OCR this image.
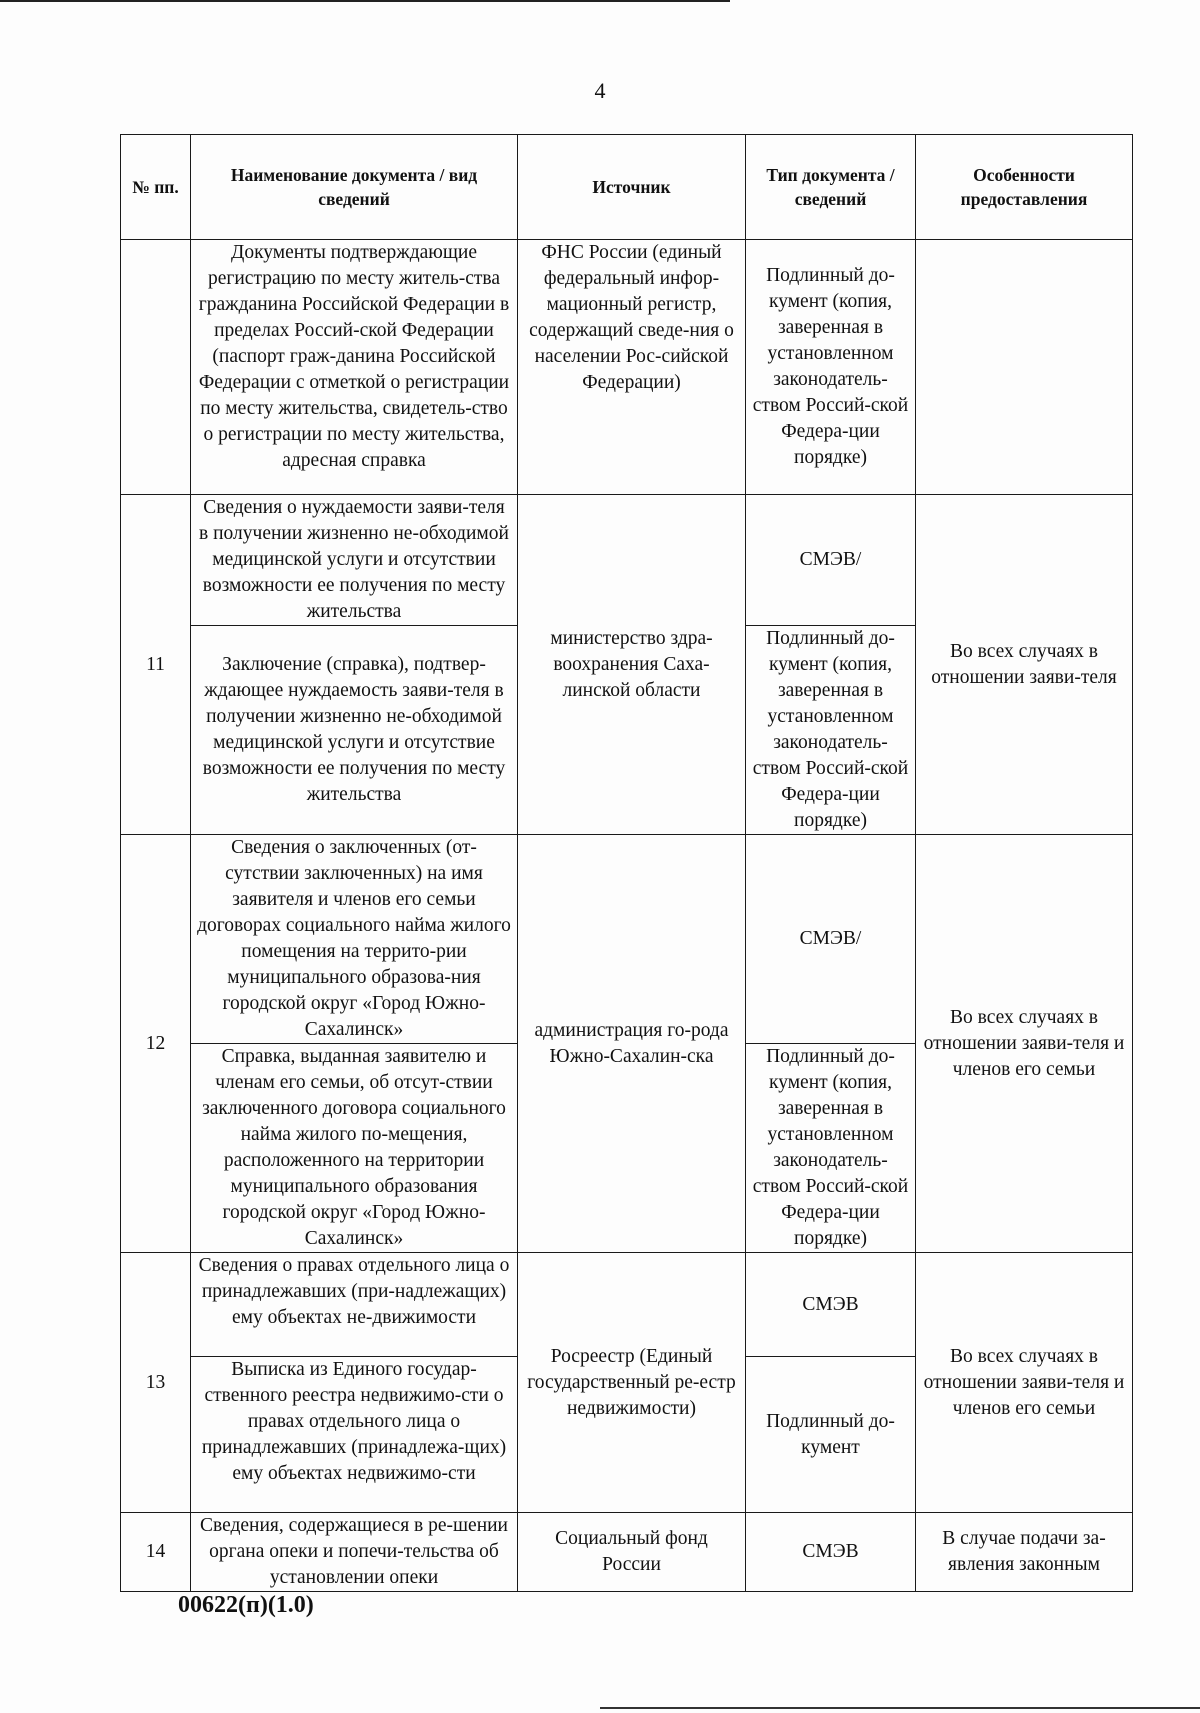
4
№ пп.	Наименование документа / вид сведений	Источник	Тип документа / сведений	Особенности предоставления
	Документы подтверждающие регистрацию по месту житель-ства гражданина Российской Федерации в пределах Россий-ской Федерации (паспорт граж-данина Российской Федерации с отметкой о регистрации по месту жительства, свидетель-ство о регистрации по месту жительства, адресная справка	ФНС России (единый федеральный инфор-мационный регистр, содержащий сведе-ния о населении Рос-сийской Федерации)	Подлинный до-кумент (копия, заверенная в установленном законодатель-ством Россий-ской Федера-ции порядке)	
11	Сведения о нуждаемости заяви-теля в получении жизненно не-обходимой медицинской услуги и отсутствии возможности ее получения по месту жительства	министерство здра-воохранения Саха-линской области	СМЭВ/	Во всех случаях в отношении заяви-теля
	Заключение (справка), подтвер-ждающее нуждаемость заяви-теля в получении жизненно не-обходимой медицинской услуги и отсутствие возможности ее получения по месту жительства		Подлинный до-кумент (копия, заверенная в установленном законодатель-ством Россий-ской Федера-ции порядке)	
12	Сведения о заключенных (от-сутствии заключенных) на имя заявителя и членов его семьи договорах социального найма жилого помещения на террито-рии муниципального образова-ния городской округ «Город Южно-Сахалинск»	администрация го-рода Южно-Сахалин-ска	СМЭВ/	Во всех случаях в отношении заяви-теля и членов его семьи
	Справка, выданная заявителю и членам его семьи, об отсут-ствии заключенного договора социального найма жилого по-мещения, расположенного на территории муниципального образования городской округ «Город Южно-Сахалинск»		Подлинный до-кумент (копия, заверенная в установленном законодатель-ством Россий-ской Федера-ции порядке)	
13	Сведения о правах отдельного лица о принадлежавших (при-надлежащих) ему объектах не-движимости	Росреестр (Единый государственный ре-естр недвижимости)	СМЭВ	Во всех случаях в отношении заяви-теля и членов его семьи
	Выписка из Единого государ-ственного реестра недвижимо-сти о правах отдельного лица о принадлежавших (принадлежа-щих) ему объектах недвижимо-сти		Подлинный до-кумент	
14	Сведения, содержащиеся в ре-шении органа опеки и попечи-тельства об установлении опеки	Социальный фонд России	СМЭВ	В случае подачи за-явления законным
00622(п)(1.0)
